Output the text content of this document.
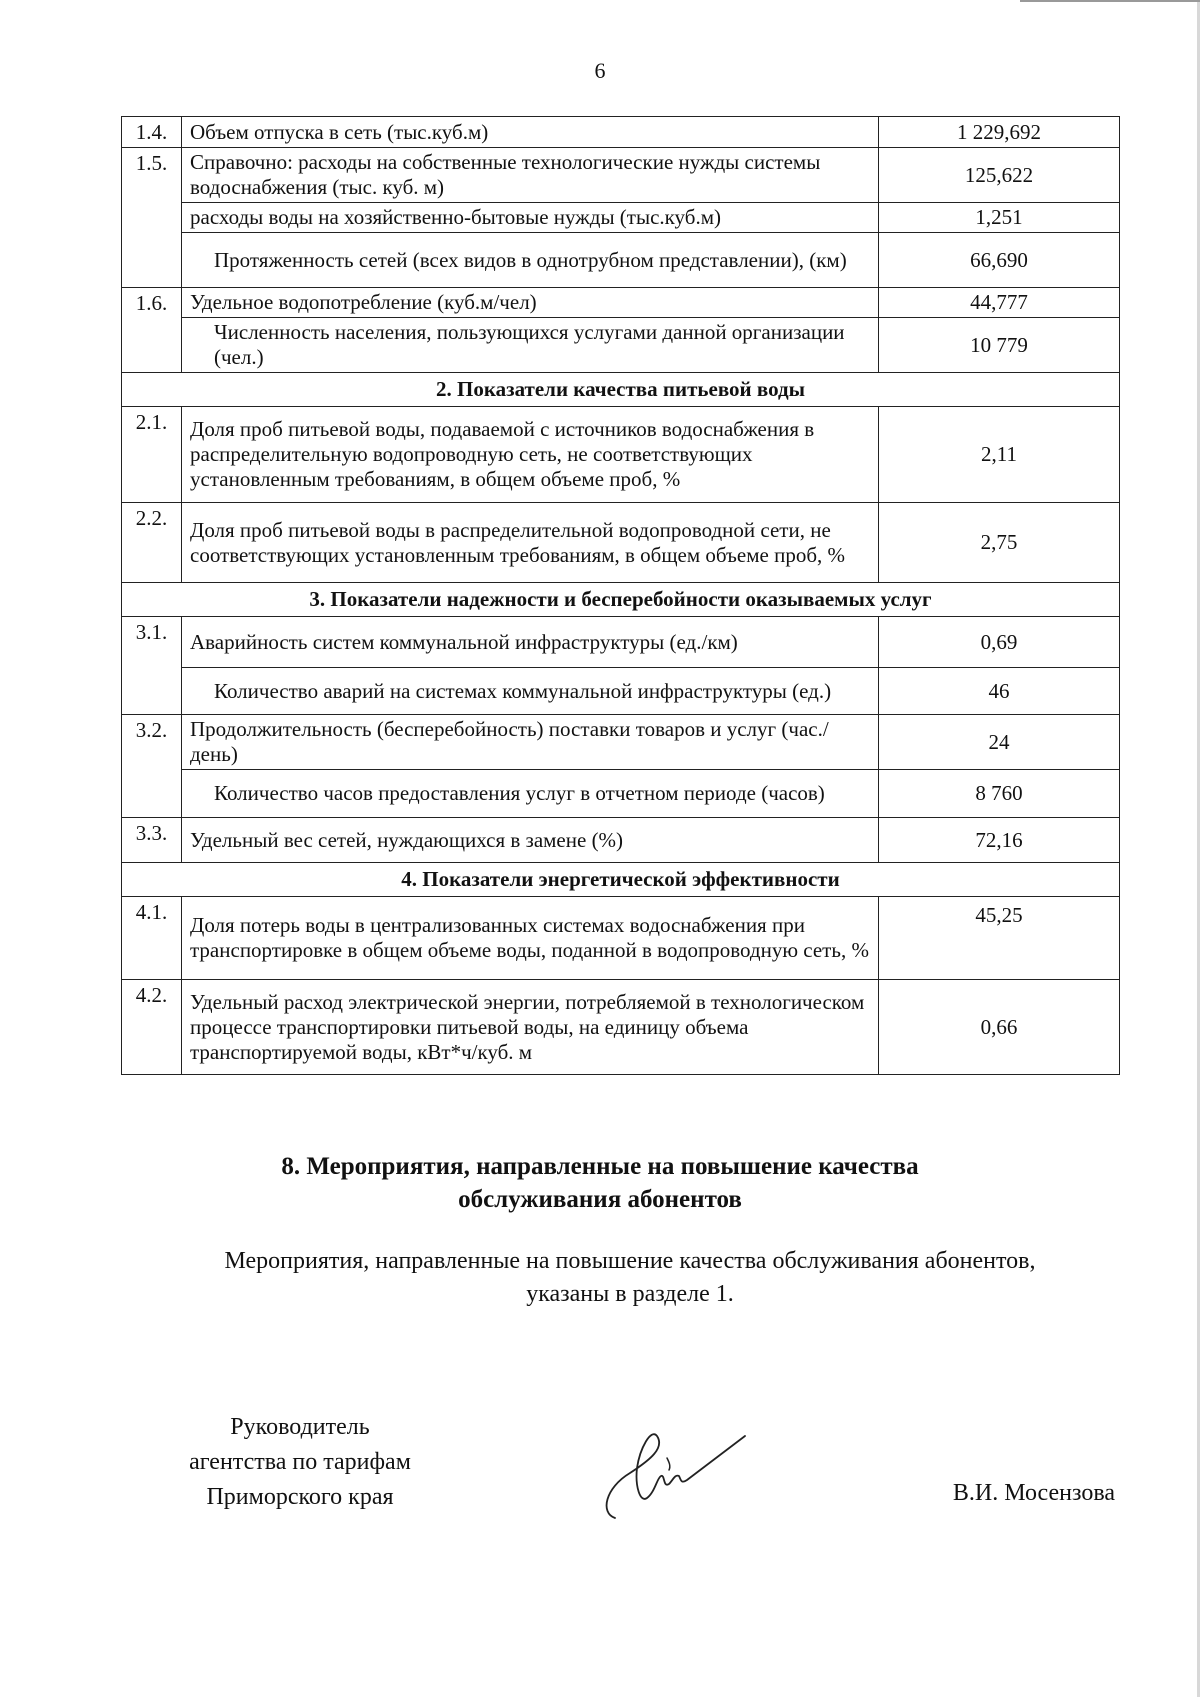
6
1.4.	Объем отпуска в сеть (тыс.куб.м)	1 229,692
1.5.	Справочно: расходы на собственные технологические нужды системы водоснабжения (тыс. куб. м)	125,622
	расходы воды на хозяйственно-бытовые нужды (тыс.куб.м)	1,251
	Протяженность сетей (всех видов в однотрубном представлении), (км)	66,690
1.6.	Удельное водопотребление (куб.м/чел)	44,777
	Численность населения, пользующихся услугами данной организации (чел.)	10 779
2. Показатели качества питьевой воды		
2.1.	Доля проб питьевой воды, подаваемой с источников водоснабжения в распределительную водопроводную сеть, не соответствующих установленным требованиям, в общем объеме проб, %	2,11
2.2.	Доля проб питьевой воды в распределительной водопроводной сети, не соответствующих установленным требованиям, в общем объеме проб, %	2,75
3. Показатели надежности и бесперебойности оказываемых услуг		
3.1.	Аварийность систем коммунальной инфраструктуры (ед./км)	0,69
	Количество аварий на системах коммунальной инфраструктуры (ед.)	46
3.2.	Продолжительность (бесперебойность) поставки товаров и услуг (час./день)	24
	Количество часов предоставления услуг в отчетном периоде (часов)	8 760
3.3.	Удельный вес сетей, нуждающихся в замене (%)	72,16
4. Показатели энергетической эффективности		
4.1.	Доля потерь воды в централизованных системах водоснабжения при транспортировке в общем объеме воды, поданной в водопроводную сеть, %	45,25
4.2.	Удельный расход электрической энергии, потребляемой в технологическом процессе транспортировки питьевой воды, на единицу объема транспортируемой воды, кВт*ч/куб. м	0,66
8. Мероприятия, направленные на повышение качества
обслуживания абонентов
Мероприятия, направленные на повышение качества обслуживания абонентов,
указаны в разделе 1.
Руководитель
агентства по тарифам
Приморского края	В.И. Мосензова
